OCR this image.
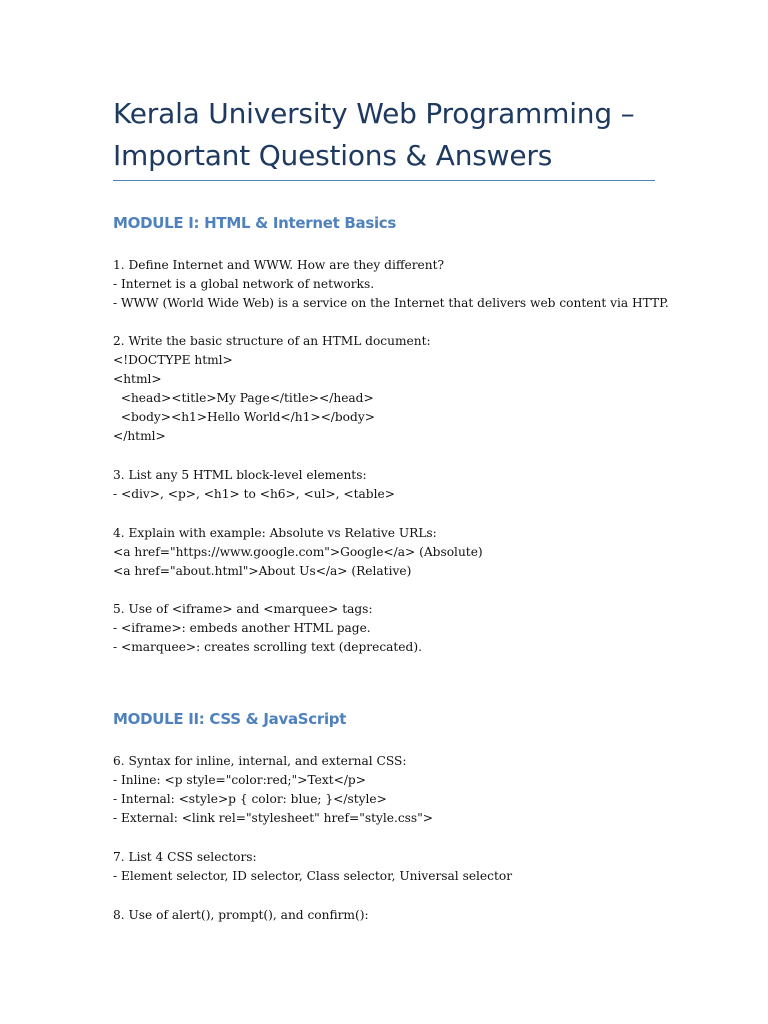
Kerala University Web Programming –
Important Questions & Answers
MODULE I: HTML & Internet Basics
1. Define Internet and WWW. How are they different?
- Internet is a global network of networks.
- WWW (World Wide Web) is a service on the Internet that delivers web content via HTTP.
2. Write the basic structure of an HTML document:
<!DOCTYPE html>
<html>
<head><title>My Page</title></head>
<body><h1>Hello World</h1></body>
</html>
3. List any 5 HTML block-level elements:
- <div>, <p>, <h1> to <h6>, <ul>, <table>
4. Explain with example: Absolute vs Relative URLs:
<a href="https://www.google.com">Google</a> (Absolute)
<a href="about.html">About Us</a> (Relative)
5. Use of <iframe> and <marquee> tags:
- <iframe>: embeds another HTML page.
- <marquee>: creates scrolling text (deprecated).
MODULE II: CSS & JavaScript
6. Syntax for inline, internal, and external CSS:
- Inline: <p style="color:red;">Text</p>
- Internal: <style>p { color: blue; }</style>
- External: <link rel="stylesheet" href="style.css">
7. List 4 CSS selectors:
- Element selector, ID selector, Class selector, Universal selector
8. Use of alert(), prompt(), and confirm():
